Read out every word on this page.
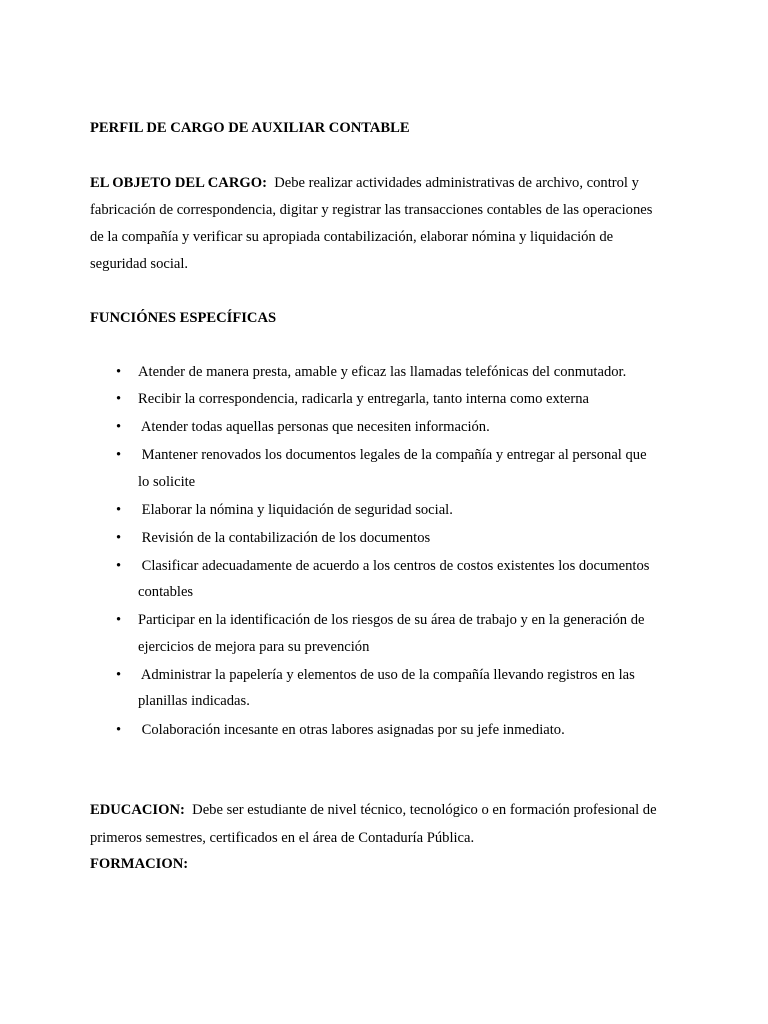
PERFIL DE CARGO DE AUXILIAR CONTABLE
EL OBJETO DEL CARGO: Debe realizar actividades administrativas de archivo, control y
fabricación de correspondencia, digitar y registrar las transacciones contables de las operaciones
de la compañía y verificar su apropiada contabilización, elaborar nómina y liquidación de
seguridad social.
FUNCIÓNES ESPECÍFICAS
• Atender de manera presta, amable y eficaz las llamadas telefónicas del conmutador.
• Recibir la correspondencia, radicarla y entregarla, tanto interna como externa
• Atender todas aquellas personas que necesiten información.
• Mantener renovados los documentos legales de la compañía y entregar al personal que
lo solicite
• Elaborar la nómina y liquidación de seguridad social.
• Revisión de la contabilización de los documentos
• Clasificar adecuadamente de acuerdo a los centros de costos existentes los documentos
contables
• Participar en la identificación de los riesgos de su área de trabajo y en la generación de
ejercicios de mejora para su prevención
• Administrar la papelería y elementos de uso de la compañía llevando registros en las
planillas indicadas.
• Colaboración incesante en otras labores asignadas por su jefe inmediato.
EDUCACION: Debe ser estudiante de nivel técnico, tecnológico o en formación profesional de
primeros semestres, certificados en el área de Contaduría Pública.
FORMACION:
